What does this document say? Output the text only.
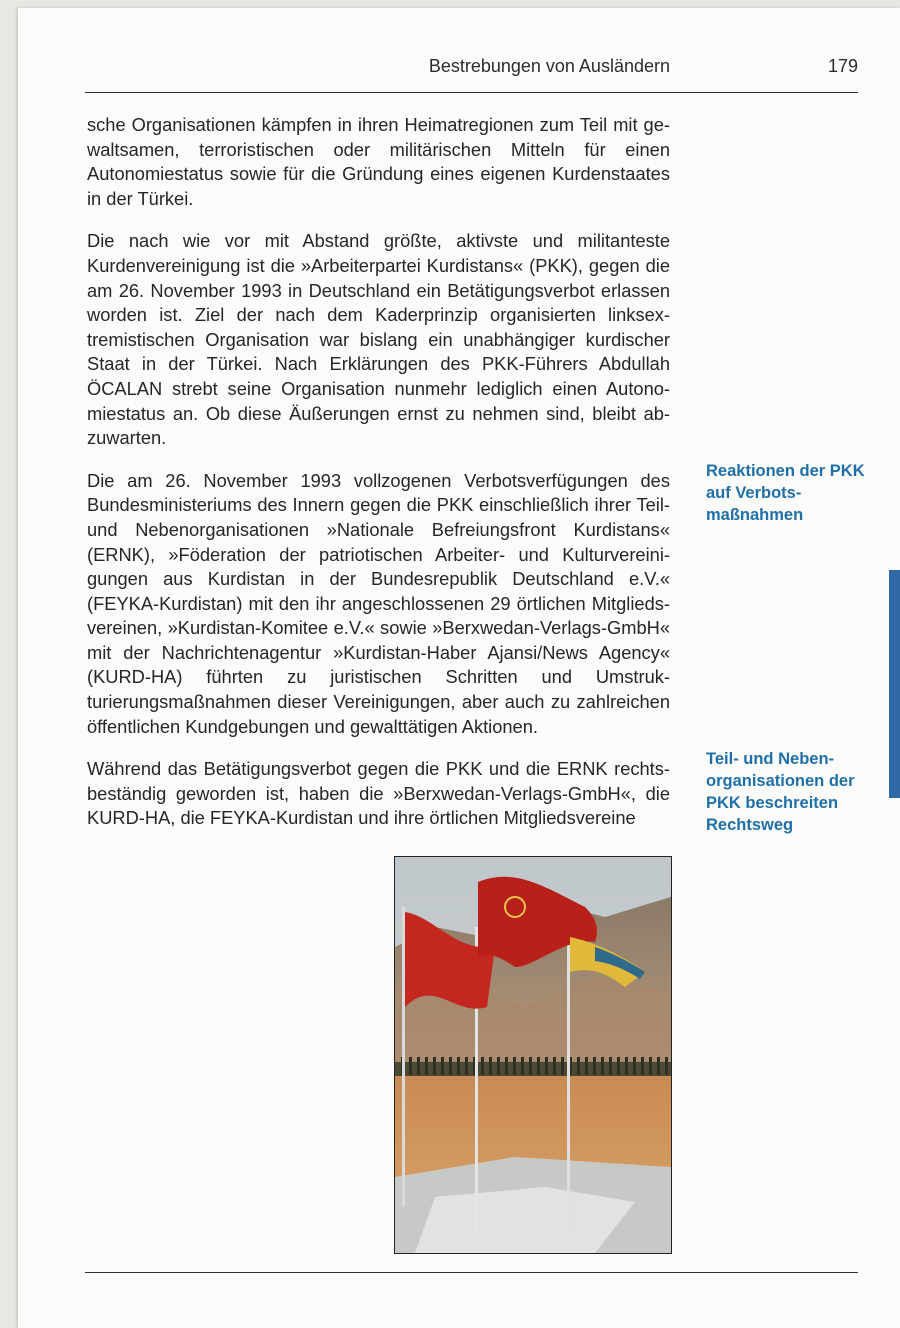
Bestrebungen von Ausländern	179

sche Organisationen kämpfen in ihren Heimatregionen zum Teil mit gewaltsamen, terroristischen oder militärischen Mitteln für einen Autonomiestatus sowie für die Gründung eines eigenen Kurdenstaates in der Türkei.

Die nach wie vor mit Abstand größte, aktivste und militanteste Kurdenvereinigung ist die »Arbeiterpartei Kurdistans« (PKK), gegen die am 26. November 1993 in Deutschland ein Betätigungsverbot erlassen worden ist. Ziel der nach dem Kaderprinzip organisierten linksextremistischen Organisation war bislang ein unabhängiger kurdischer Staat in der Türkei. Nach Erklärungen des PKK-Führers Abdullah ÖCALAN strebt seine Organisation nunmehr lediglich einen Autonomiestatus an. Ob diese Äußerungen ernst zu nehmen sind, bleibt abzuwarten.

Die am 26. November 1993 vollzogenen Verbotsverfügungen des Bundesministeriums des Innern gegen die PKK einschließlich ihrer Teil- und Nebenorganisationen »Nationale Befreiungsfront Kurdistans« (ERNK), »Föderation der patriotischen Arbeiter- und Kulturvereinigungen aus Kurdistan in der Bundesrepublik Deutschland e.V.« (FEYKA-Kurdistan) mit den ihr angeschlossenen 29 örtlichen Mitgliedsvereinen, »Kurdistan-Komitee e.V.« sowie »Berxwedan-Verlags-GmbH« mit der Nachrichtenagentur »Kurdistan-Haber Ajansi/News Agency« (KURD-HA) führten zu juristischen Schritten und Umstrukturierungsmaßnahmen dieser Vereinigungen, aber auch zu zahlreichen öffentlichen Kundgebungen und gewalttätigen Aktionen.

Während das Betätigungsverbot gegen die PKK und die ERNK rechtsbeständig geworden ist, haben die »Berxwedan-Verlags-GmbH«, die KURD-HA, die FEYKA-Kurdistan und ihre örtlichen Mitgliedsvereine

Reaktionen der PKK auf Verbotsmaßnahmen
Teil- und Nebenorganisationen der PKK beschreiten Rechtsweg
